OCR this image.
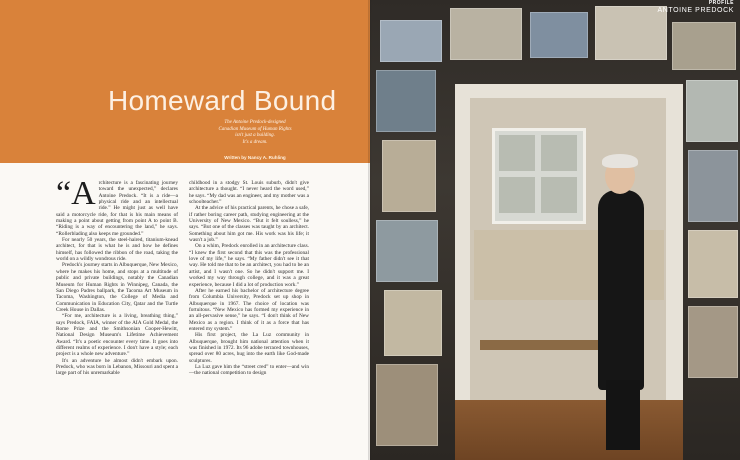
Homeward Bound
The Antoine Predock-designed
Canadian Museum of Human Rights
isn't just a building.
It's a dream.
Written by Nancy A. Ruhling

“Architecture is a fascinating journey toward the unexpected,” declares Antoine Predock. “It is a ride—a physical ride and an intellectual ride.” He might just as well have said a motorcycle ride, for that is his main means of making a point about getting from point A to point B. “Riding is a way of encountering the land,” he says. “Rollerblading also keeps me grounded.”

For nearly 50 years, the steel-haired, titanium-knead architect, for that is what he is and how he defines himself, has followed the ribbon of the road, taking the world on a wildly wondrous ride.

Predock's journey starts in Albuquerque, New Mexico, where he makes his home, and stops at a multitude of public and private buildings, notably the Canadian Museum for Human Rights in Winnipeg, Canada, the San Diego Padres ballpark, the Tacoma Art Museum in Tacoma, Washington, the College of Media and Communication in Education City, Qatar and the Turtle Creek House in Dallas.

“For me, architecture is a living, breathing thing,” says Predock, FAIA, winner of the AIA Gold Medal, the Rome Prize and the Smithsonian Cooper-Hewitt, National Design Museum's Lifetime Achievement Award. “It's a poetic encounter every time. It goes into different realms of experience. I don't have a style; each project is a whole new adventure.”

It's an adventure he almost didn't embark upon. Predock, who was born in Lebanon, Missouri and spent a large part of his unremarkable

childhood in a stodgy St. Louis suburb, didn't give architecture a thought. “I never heard the word used,” he says. “My dad was an engineer, and my mother was a schoolteacher.”

At the advice of his practical parents, he chose a safe, if rather boring career path, studying engineering at the University of New Mexico. “But it felt soulless,” he says. “But one of the classes was taught by an architect. Something about him got me. His work was his life; it wasn't a job.”

On a whim, Predock enrolled in an architecture class. “I knew the first second that this was the professional love of my life,” he says. “My father didn't see it that way. He told me that to be an architect, you had to be an artist, and I wasn't one. So he didn't support me. I worked my way through college, and it was a great experience, because I did a lot of production work.”

After he earned his bachelor of architecture degree from Columbia University, Predock set up shop in Albuquerque in 1967. The choice of location was fortuitous. “New Mexico has formed my experience in an all-pervasive sense,” he says. “I don't think of New Mexico as a region. I think of it as a force that has entered my system.”

His first project, the La Luz community in Albuquerque, brought him national attention when it was finished in 1972. Its 96 adobe terraced townhouses, spread over 80 acres, hug into the earth like God-made sculptures.

La Luz gave him the “street cred” to enter—and win—the national competition to design

PROFILE
ANTOINE PREDOCK
